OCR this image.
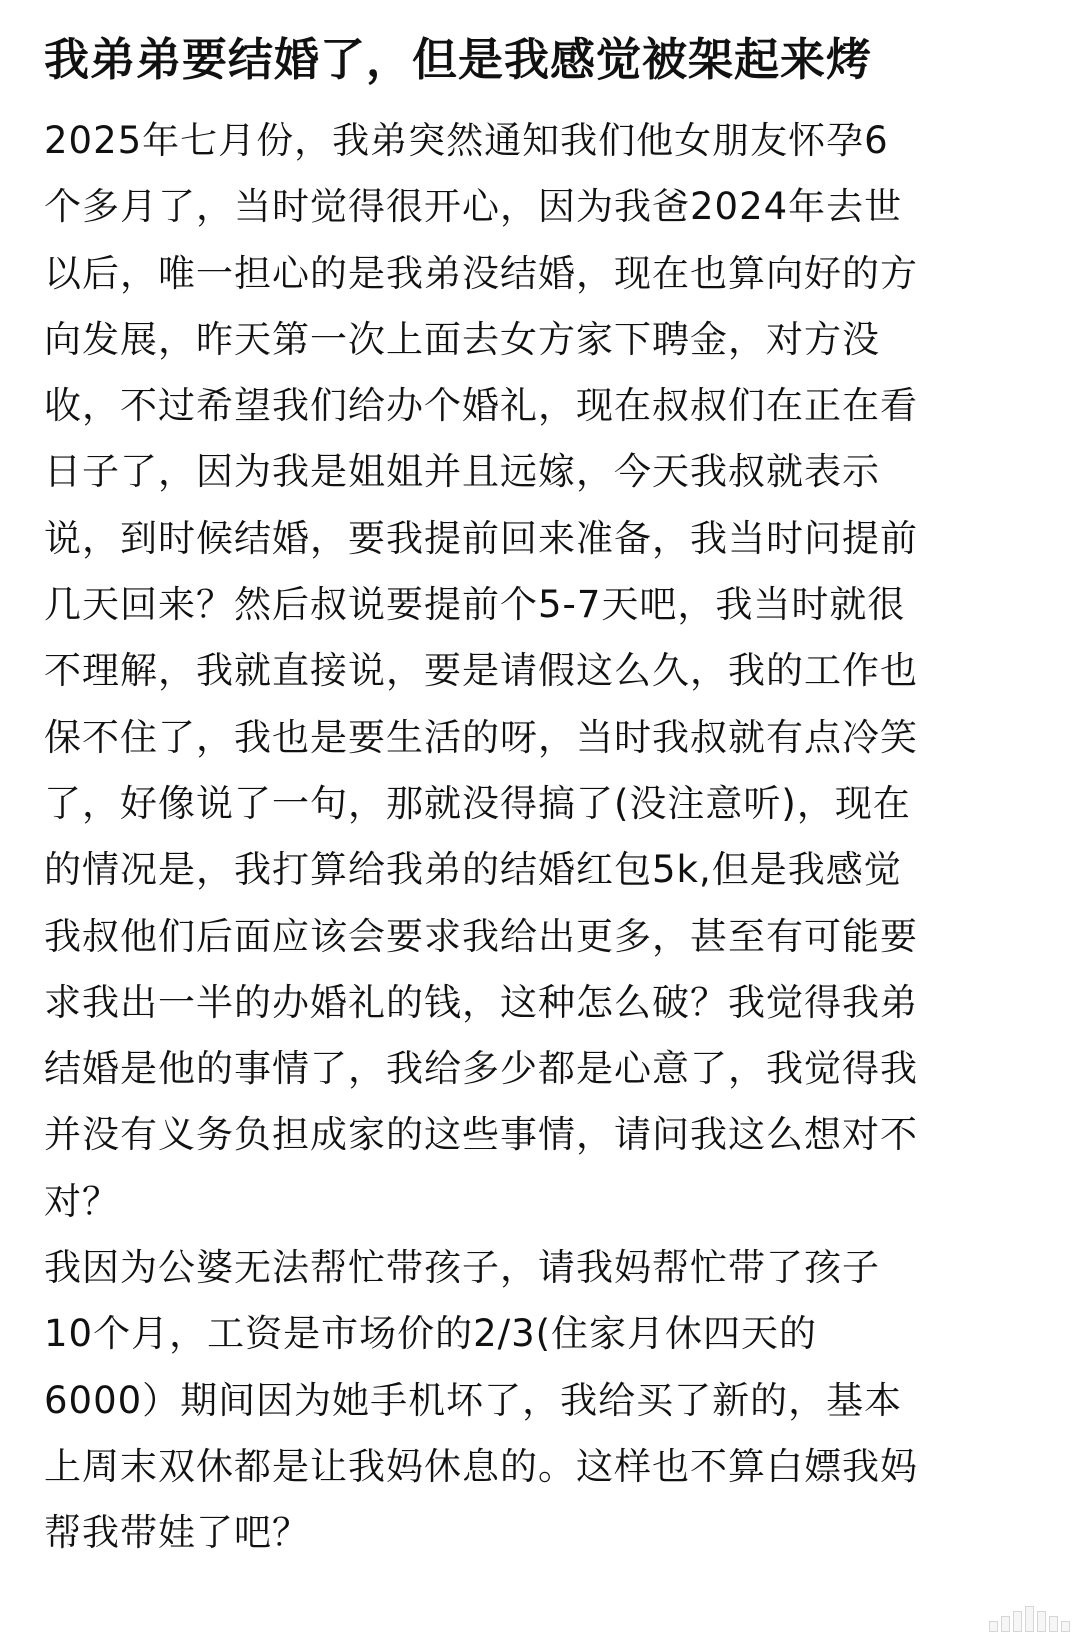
我弟弟要结婚了，但是我感觉被架起来烤

2025年七月份，我弟突然通知我们他女朋友怀孕6
个多月了，当时觉得很开心，因为我爸2024年去世
以后，唯一担心的是我弟没结婚，现在也算向好的方
向发展，昨天第一次上面去女方家下聘金，对方没
收，不过希望我们给办个婚礼，现在叔叔们在正在看
日子了，因为我是姐姐并且远嫁，今天我叔就表示
说，到时候结婚，要我提前回来准备，我当时问提前
几天回来？然后叔说要提前个5-7天吧，我当时就很
不理解，我就直接说，要是请假这么久，我的工作也
保不住了，我也是要生活的呀，当时我叔就有点冷笑
了，好像说了一句，那就没得搞了(没注意听)，现在
的情况是，我打算给我弟的结婚红包5k,但是我感觉
我叔他们后面应该会要求我给出更多，甚至有可能要
求我出一半的办婚礼的钱，这种怎么破？我觉得我弟
结婚是他的事情了，我给多少都是心意了，我觉得我
并没有义务负担成家的这些事情，请问我这么想对不
对？

我因为公婆无法帮忙带孩子，请我妈帮忙带了孩子
10个月，工资是市场价的2/3(住家月休四天的
6000）期间因为她手机坏了，我给买了新的，基本
上周末双休都是让我妈休息的。这样也不算白嫖我妈
帮我带娃了吧？
